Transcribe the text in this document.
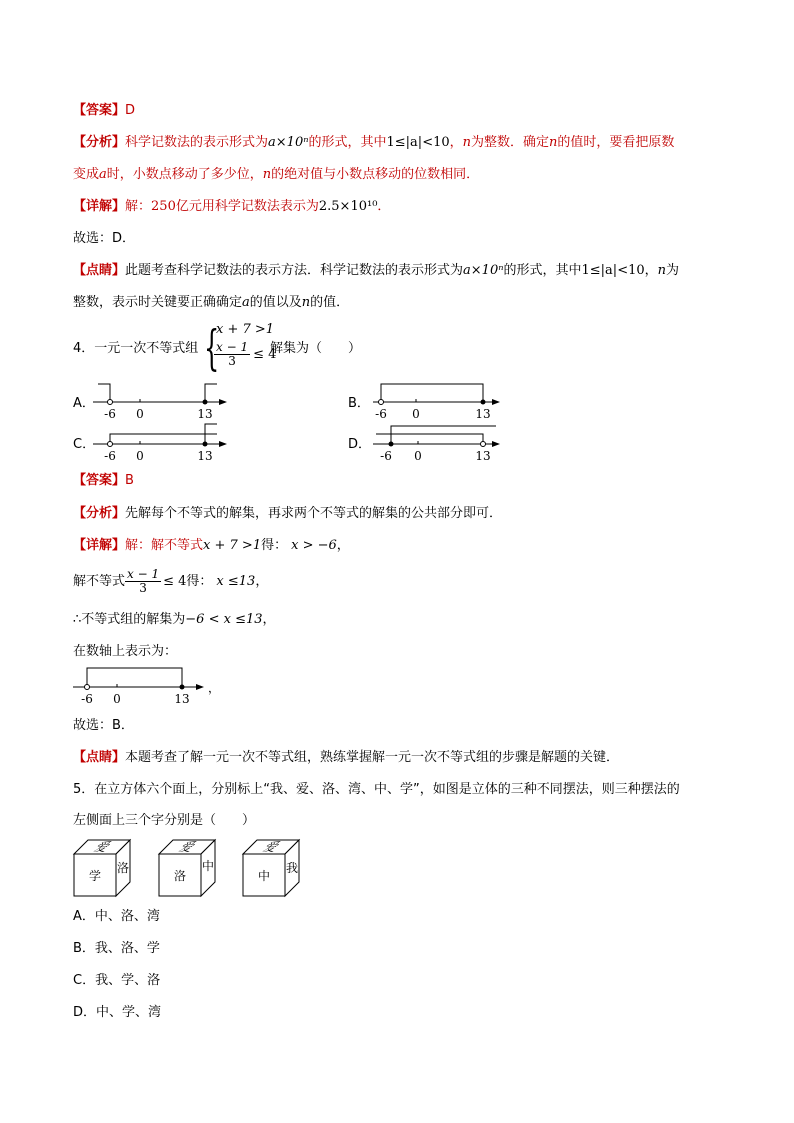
【答案】D
【分析】科学记数法的表示形式为a×10ⁿ的形式，其中1≤|a|<10，n为整数．确定n的值时，要看把原数
变成a时，小数点移动了多少位，n的绝对值与小数点移动的位数相同．
【详解】解：250亿元用科学记数法表示为2.5×10¹⁰．
故选：D．
【点睛】此题考查科学记数法的表示方法．科学记数法的表示形式为a×10ⁿ的形式，其中1≤|a|<10，n为
整数，表示时关键要正确确定a的值以及n的值．
4．一元一次不等式组 {
x + 7 >1
$\frac{x - 1}{3} \le 4$
解集为（　　）
A．	B．
C．	D．
-6 0	13	-6 0	13
-6 0	13	-6 0	13
【答案】B
【分析】先解每个不等式的解集，再求两个不等式的解集的公共部分即可．
【详解】解：解不等式x + 7 >1得： x > −6，
解不等式 $\frac{x - 1}{3} \le 4$得： x ≤13，
∴不等式组的解集为−6 < x ≤13，
在数轴上表示为：
-6 0	13
，
故选：B．
【点睛】本题考查了解一元一次不等式组，熟练掌握解一元一次不等式组的步骤是解题的关键．
5．在立方体六个面上，分别标上“我、爱、洛、湾、中、学”，如图是立体的三种不同摆法，则三种摆法的
左侧面上三个字分别是（　　）
爱
学
洛
爱
洛
中
爱
中
我
A．中、洛、湾
B．我、洛、学
C．我、学、洛
D．中、学、湾
